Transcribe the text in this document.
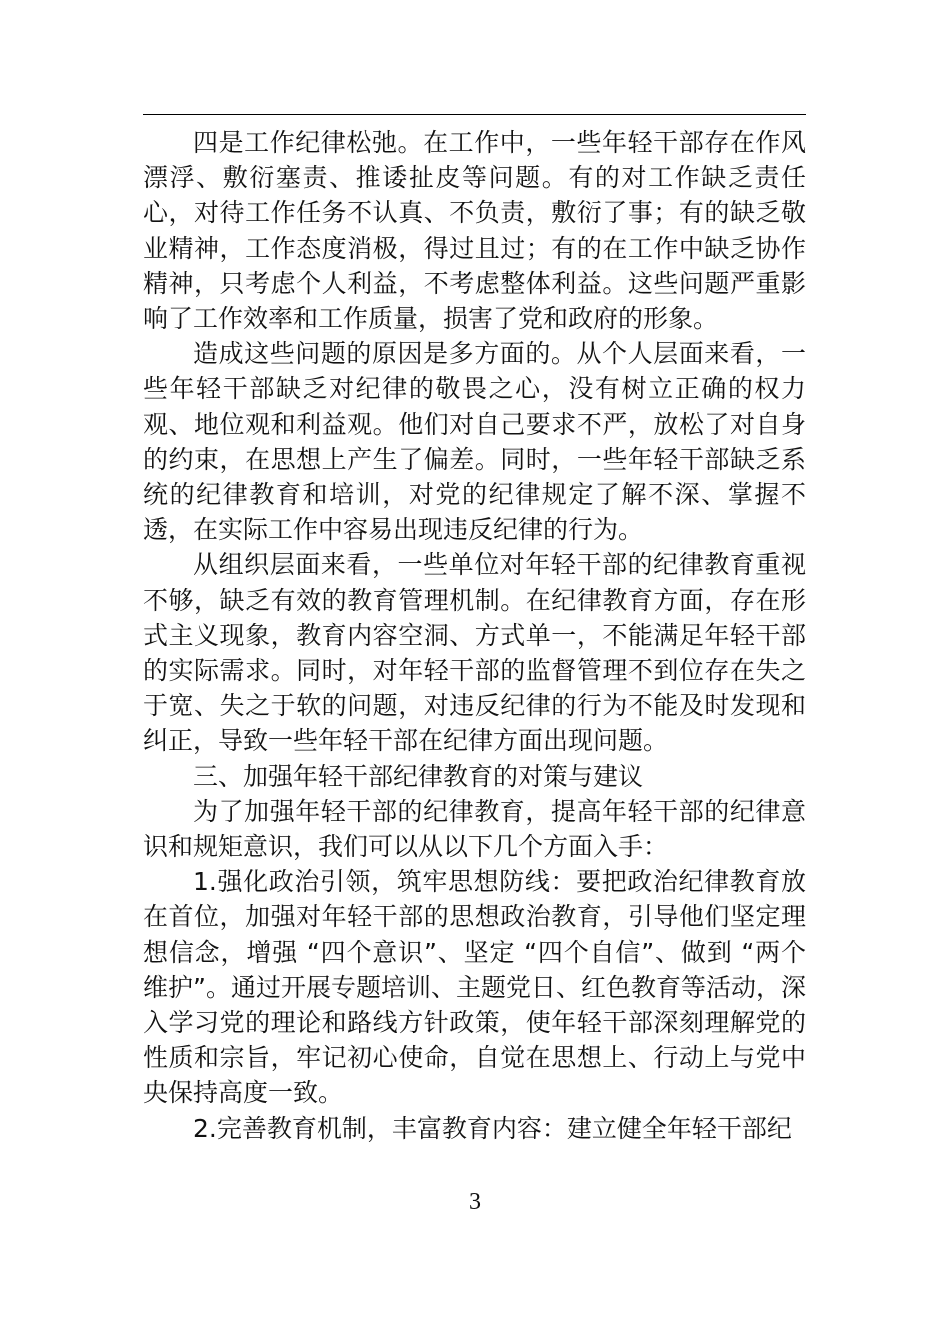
四是工作纪律松弛。在工作中，一些年轻干部存在作风漂浮、敷衍塞责、推诿扯皮等问题。有的对工作缺乏责任心，对待工作任务不认真、不负责，敷衍了事；有的缺乏敬业精神，工作态度消极，得过且过；有的在工作中缺乏协作精神，只考虑个人利益，不考虑整体利益。这些问题严重影响了工作效率和工作质量，损害了党和政府的形象。

造成这些问题的原因是多方面的。从个人层面来看，一些年轻干部缺乏对纪律的敬畏之心，没有树立正确的权力观、地位观和利益观。他们对自己要求不严，放松了对自身的约束，在思想上产生了偏差。同时，一些年轻干部缺乏系统的纪律教育和培训，对党的纪律规定了解不深、掌握不透，在实际工作中容易出现违反纪律的行为。

从组织层面来看，一些单位对年轻干部的纪律教育重视不够，缺乏有效的教育管理机制。在纪律教育方面，存在形式主义现象，教育内容空洞、方式单一，不能满足年轻干部的实际需求。同时，对年轻干部的监督管理不到位存在失之于宽、失之于软的问题，对违反纪律的行为不能及时发现和纠正，导致一些年轻干部在纪律方面出现问题。

三、加强年轻干部纪律教育的对策与建议

为了加强年轻干部的纪律教育，提高年轻干部的纪律意识和规矩意识，我们可以从以下几个方面入手：

1.强化政治引领，筑牢思想防线：要把政治纪律教育放在首位，加强对年轻干部的思想政治教育，引导他们坚定理想信念，增强 “四个意识”、坚定 “四个自信”、做到 “两个维护”。通过开展专题培训、主题党日、红色教育等活动，深入学习党的理论和路线方针政策，使年轻干部深刻理解党的性质和宗旨，牢记初心使命，自觉在思想上、行动上与党中央保持高度一致。

2.完善教育机制，丰富教育内容：建立健全年轻干部纪

3
